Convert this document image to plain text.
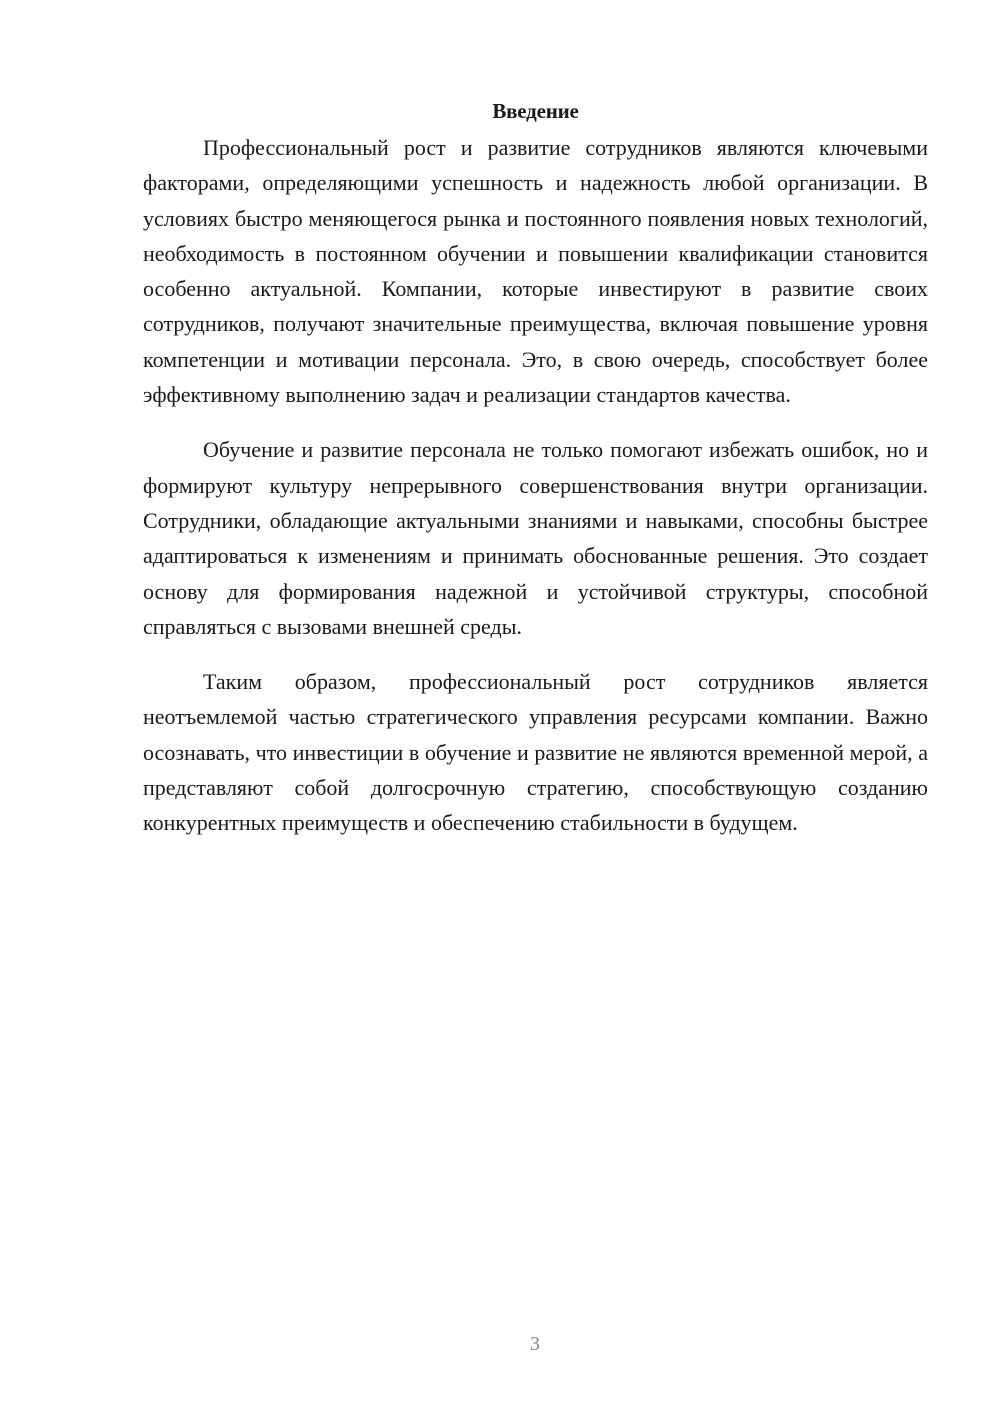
Введение

Профессиональный рост и развитие сотрудников являются ключевыми факторами, определяющими успешность и надежность любой организации. В условиях быстро меняющегося рынка и постоянного появления новых технологий, необходимость в постоянном обучении и повышении квалификации становится особенно актуальной. Компании, которые инвестируют в развитие своих сотрудников, получают значительные преимущества, включая повышение уровня компетенции и мотивации персонала. Это, в свою очередь, способствует более эффективному выполнению задач и реализации стандартов качества.

Обучение и развитие персонала не только помогают избежать ошибок, но и формируют культуру непрерывного совершенствования внутри организации. Сотрудники, обладающие актуальными знаниями и навыками, способны быстрее адаптироваться к изменениям и принимать обоснованные решения. Это создает основу для формирования надежной и устойчивой структуры, способной справляться с вызовами внешней среды.

Таким образом, профессиональный рост сотрудников является неотъемлемой частью стратегического управления ресурсами компании. Важно осознавать, что инвестиции в обучение и развитие не являются временной мерой, а представляют собой долгосрочную стратегию, способствующую созданию конкурентных преимуществ и обеспечению стабильности в будущем.

3
